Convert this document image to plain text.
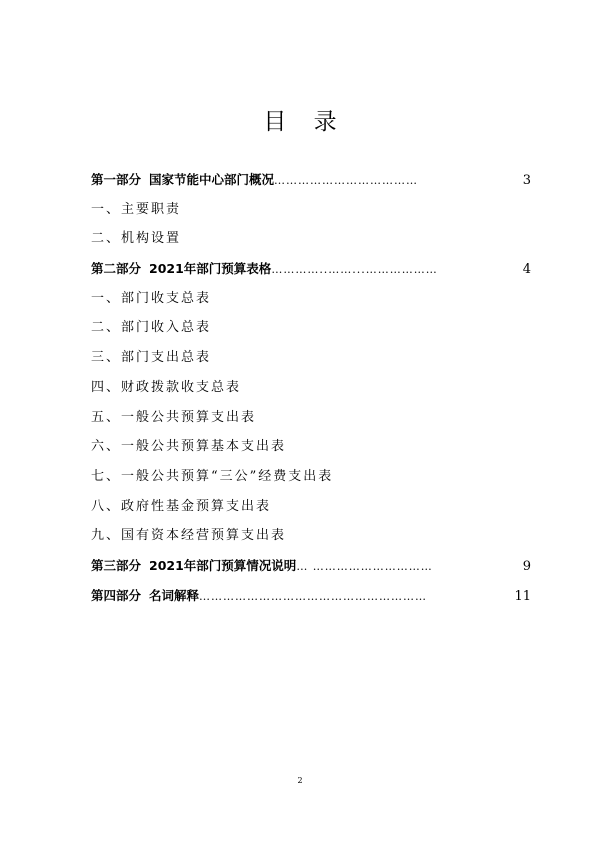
目 录
第一部分 国家节能中心部门概况 ………………………………	3
一、主要职责
二、机构设置
第二部分 2021年部门预算表格 …………..……...………………	4
一、部门收支总表
二、部门收入总表
三、部门支出总表
四、财政拨款收支总表
五、一般公共预算支出表
六、一般公共预算基本支出表
七、一般公共预算“三公”经费支出表
八、政府性基金预算支出表
九、国有资本经营预算支出表
第三部分 2021年部门预算情况说明 … …………………………	9
第四部分 名词解释 …………………………………………………	11
2
